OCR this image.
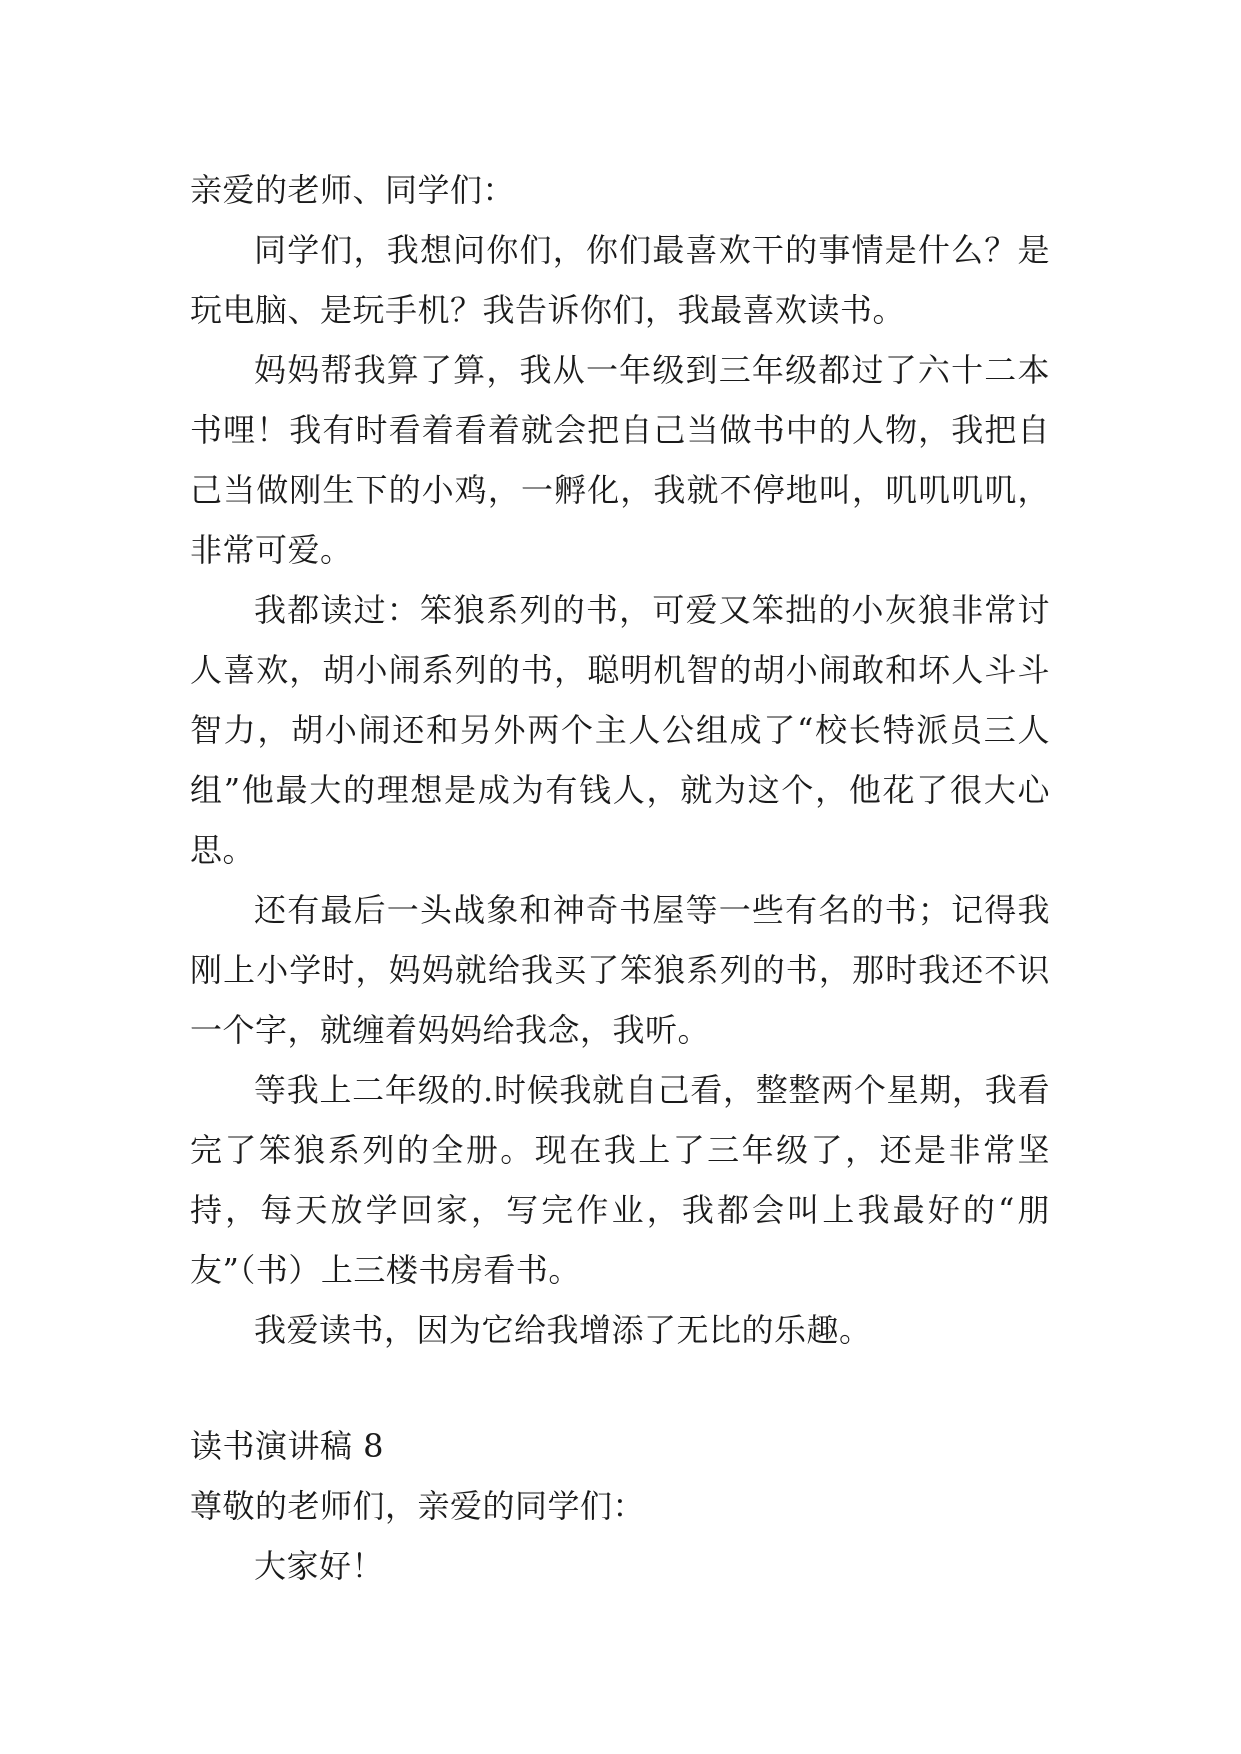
亲爱的老师、同学们：

同学们，我想问你们，你们最喜欢干的事情是什么？是玩电脑、是玩手机？我告诉你们，我最喜欢读书。

妈妈帮我算了算，我从一年级到三年级都过了六十二本书哩！我有时看着看着就会把自己当做书中的人物，我把自己当做刚生下的小鸡，一孵化，我就不停地叫，叽叽叽叽，非常可爱。

我都读过：笨狼系列的书，可爱又笨拙的小灰狼非常讨人喜欢，胡小闹系列的书，聪明机智的胡小闹敢和坏人斗斗智力，胡小闹还和另外两个主人公组成了“校长特派员三人组”他最大的理想是成为有钱人，就为这个，他花了很大心思。

还有最后一头战象和神奇书屋等一些有名的书；记得我刚上小学时，妈妈就给我买了笨狼系列的书，那时我还不识一个字，就缠着妈妈给我念，我听。

等我上二年级的.时候我就自己看，整整两个星期，我看完了笨狼系列的全册。现在我上了三年级了，还是非常坚持，每天放学回家，写完作业，我都会叫上我最好的“朋友”（书）上三楼书房看书。

我爱读书，因为它给我增添了无比的乐趣。

读书演讲稿 8

尊敬的老师们，亲爱的同学们：

大家好！
